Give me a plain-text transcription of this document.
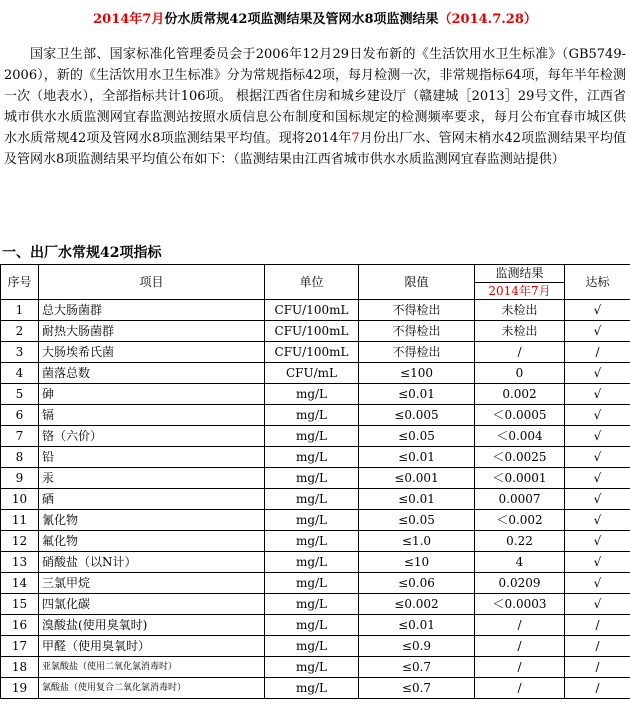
2014年7月份水质常规42项监测结果及管网水8项监测结果（2014.7.28）
国家卫生部、国家标准化管理委员会于2006年12月29日发布新的《生活饮用水卫生标准》（GB5749-2006），新的《生活饮用水卫生标准》分为常规指标42项，每月检测一次，非常规指标64项，每年半年检测一次（地表水），全部指标共计106项。 根据江西省住房和城乡建设厅（赣建城［2013］29号文件，江西省城市供水水质监测网宜春监测站按照水质信息公布制度和国标规定的检测频率要求，每月公布宜春市城区供水水质常规42项及管网水8项监测结果平均值。现将2014年7月份出厂水、管网末梢水42项监测结果平均值及管网水8项监测结果平均值公布如下：（监测结果由江西省城市供水水质监测网宜春监测站提供）
一、出厂水常规42项指标
序号	项目	单位	限值	监测结果
2014年7月	达标
1	总大肠菌群	CFU/100mL	不得检出	未检出	√
2	耐热大肠菌群	CFU/100mL	不得检出	未检出	√
3	大肠埃希氏菌	CFU/100mL	不得检出	/	/
4	菌落总数	CFU/mL	≤100	0	√
5	砷	mg/L	≤0.01	0.002	√
6	镉	mg/L	≤0.005	＜0.0005	√
7	铬（六价）	mg/L	≤0.05	＜0.004	√
8	铅	mg/L	≤0.01	＜0.0025	√
9	汞	mg/L	≤0.001	＜0.0001	√
10	硒	mg/L	≤0.01	0.0007	√
11	氰化物	mg/L	≤0.05	＜0.002	√
12	氟化物	mg/L	≤1.0	0.22	√
13	硝酸盐（以N计）	mg/L	≤10	4	√
14	三氯甲烷	mg/L	≤0.06	0.0209	√
15	四氯化碳	mg/L	≤0.002	＜0.0003	√
16	溴酸盐(使用臭氧时)	mg/L	≤0.01	/	/
17	甲醛（使用臭氧时）	mg/L	≤0.9	/	/
18	亚氯酸盐（使用二氧化氯消毒时）	mg/L	≤0.7	/	/
19	氯酸盐（使用复合二氧化氯消毒时）	mg/L	≤0.7	/	/
